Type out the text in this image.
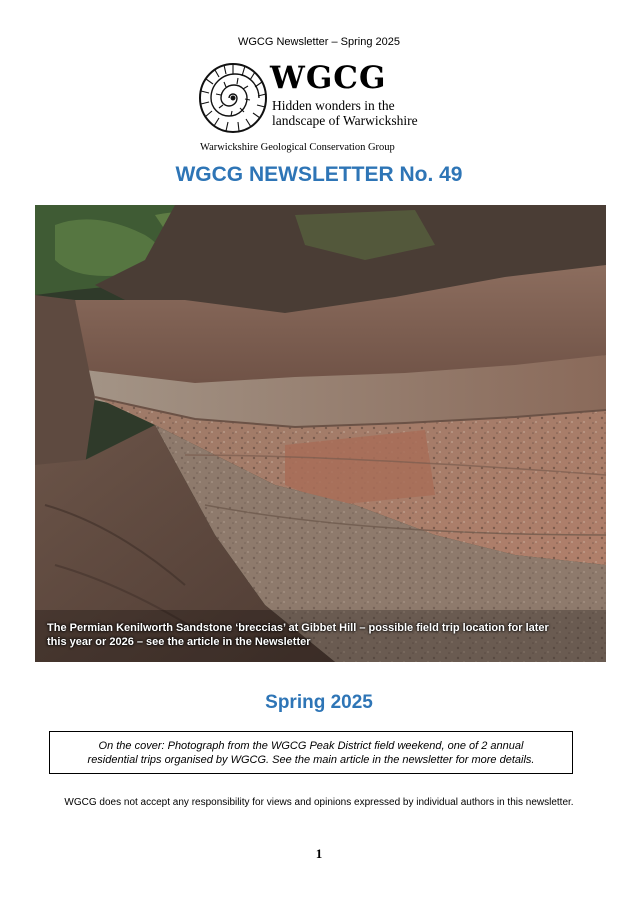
WGCG Newsletter – Spring 2025
WGCG
Hidden wonders in the
landscape of Warwickshire
Warwickshire Geological Conservation Group
WGCG NEWSLETTER No. 49
The Permian Kenilworth Sandstone ‘breccias’ at Gibbet Hill – possible field trip location for later
this year or 2026 – see the article in the Newsletter
Spring 2025
On the cover: Photograph from the WGCG Peak District field weekend, one of 2 annual
residential trips organised by WGCG. See the main article in the newsletter for more details.
WGCG does not accept any responsibility for views and opinions expressed by individual authors in this newsletter.
1
